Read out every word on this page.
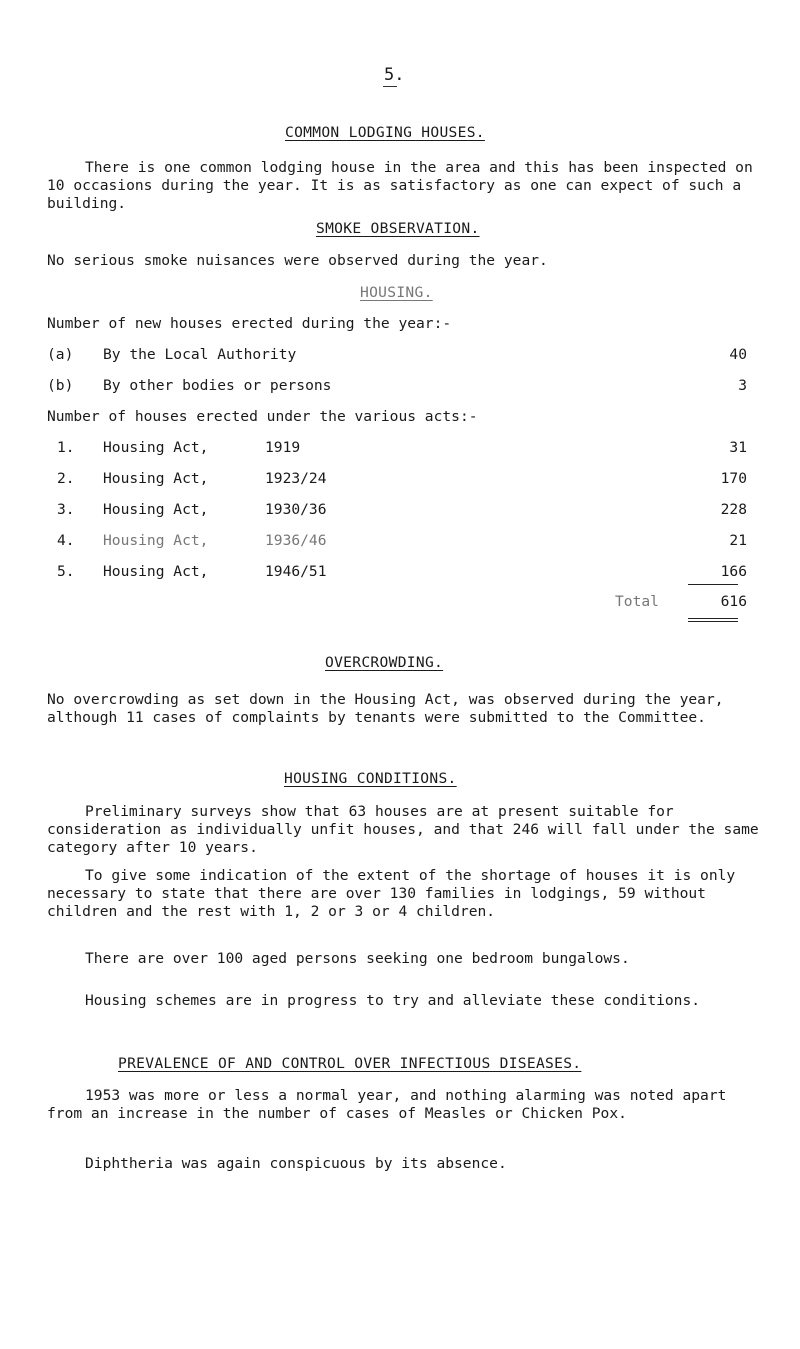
5.
COMMON LODGING HOUSES.
There is one common lodging house in the area and this has been inspected on 10 occasions during the year. It is as satisfactory as one can expect of such a building.
SMOKE OBSERVATION.
No serious smoke nuisances were observed during the year.
HOUSING.
Number of new houses erected during the year:-
(a) By the Local Authority	40
(b) By other bodies or persons	3
Number of houses erected under the various acts:-
1. Housing Act,	1919	31
2. Housing Act,	1923/24	170
3. Housing Act,	1930/36	228
4. Housing Act,	1936/46	21
5. Housing Act,	1946/51	166
Total	616
OVERCROWDING.
No overcrowding as set down in the Housing Act, was observed during the year, although 11 cases of complaints by tenants were submitted to the Committee.
HOUSING CONDITIONS.
Preliminary surveys show that 63 houses are at present suitable for consideration as individually unfit houses, and that 246 will fall under the same category after 10 years.
To give some indication of the extent of the shortage of houses it is only necessary to state that there are over 130 families in lodgings, 59 without children and the rest with 1, 2 or 3 or 4 children.
There are over 100 aged persons seeking one bedroom bungalows.
Housing schemes are in progress to try and alleviate these conditions.
PREVALENCE OF AND CONTROL OVER INFECTIOUS DISEASES.
1953 was more or less a normal year, and nothing alarming was noted apart from an increase in the number of cases of Measles or Chicken Pox.
Diphtheria was again conspicuous by its absence.
